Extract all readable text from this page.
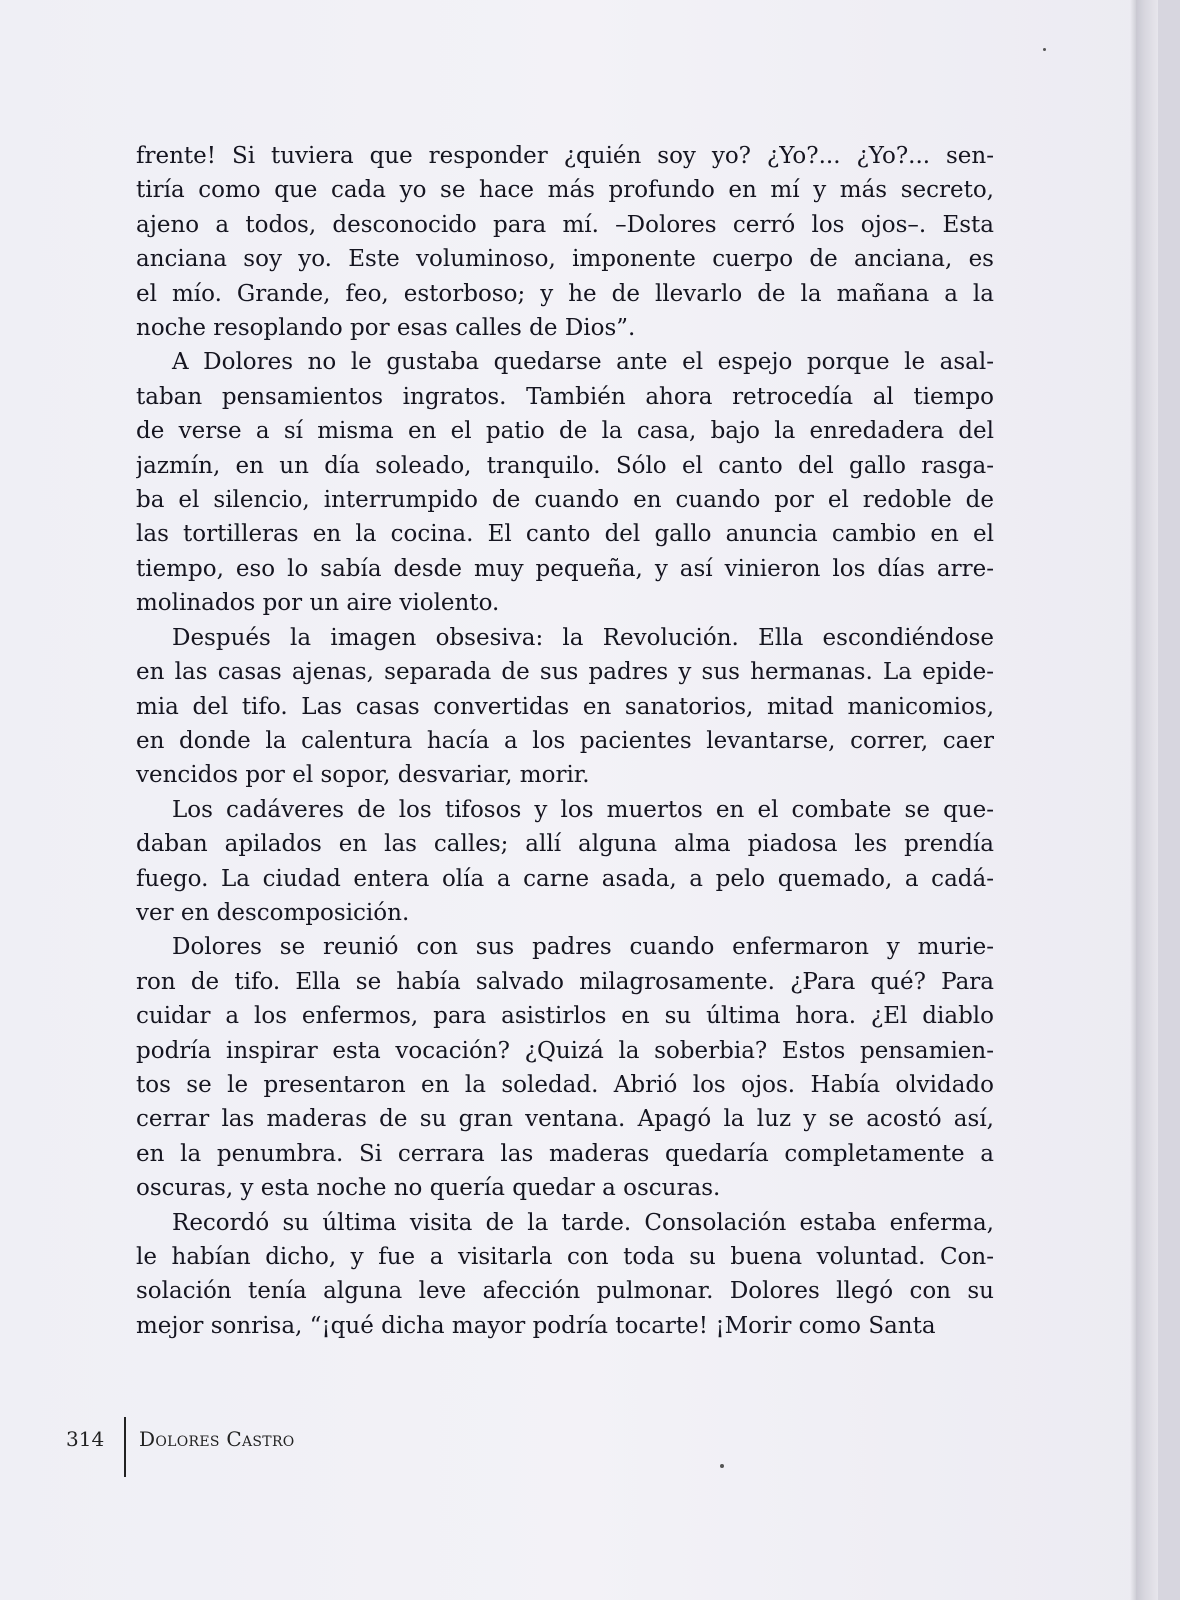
frente! Si tuviera que responder ¿quién soy yo? ¿Yo?... ¿Yo?... sen-
tiría como que cada yo se hace más profundo en mí y más secreto,
ajeno a todos, desconocido para mí. –Dolores cerró los ojos–. Esta
anciana soy yo. Este voluminoso, imponente cuerpo de anciana, es
el mío. Grande, feo, estorboso; y he de llevarlo de la mañana a la
noche resoplando por esas calles de Dios”.

A Dolores no le gustaba quedarse ante el espejo porque le asal-
taban pensamientos ingratos. También ahora retrocedía al tiempo
de verse a sí misma en el patio de la casa, bajo la enredadera del
jazmín, en un día soleado, tranquilo. Sólo el canto del gallo rasga-
ba el silencio, interrumpido de cuando en cuando por el redoble de
las tortilleras en la cocina. El canto del gallo anuncia cambio en el
tiempo, eso lo sabía desde muy pequeña, y así vinieron los días arre-
molinados por un aire violento.

Después la imagen obsesiva: la Revolución. Ella escondiéndose
en las casas ajenas, separada de sus padres y sus hermanas. La epide-
mia del tifo. Las casas convertidas en sanatorios, mitad manicomios,
en donde la calentura hacía a los pacientes levantarse, correr, caer
vencidos por el sopor, desvariar, morir.

Los cadáveres de los tifosos y los muertos en el combate se que-
daban apilados en las calles; allí alguna alma piadosa les prendía
fuego. La ciudad entera olía a carne asada, a pelo quemado, a cadá-
ver en descomposición.

Dolores se reunió con sus padres cuando enfermaron y murie-
ron de tifo. Ella se había salvado milagrosamente. ¿Para qué? Para
cuidar a los enfermos, para asistirlos en su última hora. ¿El diablo
podría inspirar esta vocación? ¿Quizá la soberbia? Estos pensamien-
tos se le presentaron en la soledad. Abrió los ojos. Había olvidado
cerrar las maderas de su gran ventana. Apagó la luz y se acostó así,
en la penumbra. Si cerrara las maderas quedaría completamente a
oscuras, y esta noche no quería quedar a oscuras.

Recordó su última visita de la tarde. Consolación estaba enferma,
le habían dicho, y fue a visitarla con toda su buena voluntad. Con-
solación tenía alguna leve afección pulmonar. Dolores llegó con su
mejor sonrisa, “¡qué dicha mayor podría tocarte! ¡Morir como Santa

314 Dolores Castro
